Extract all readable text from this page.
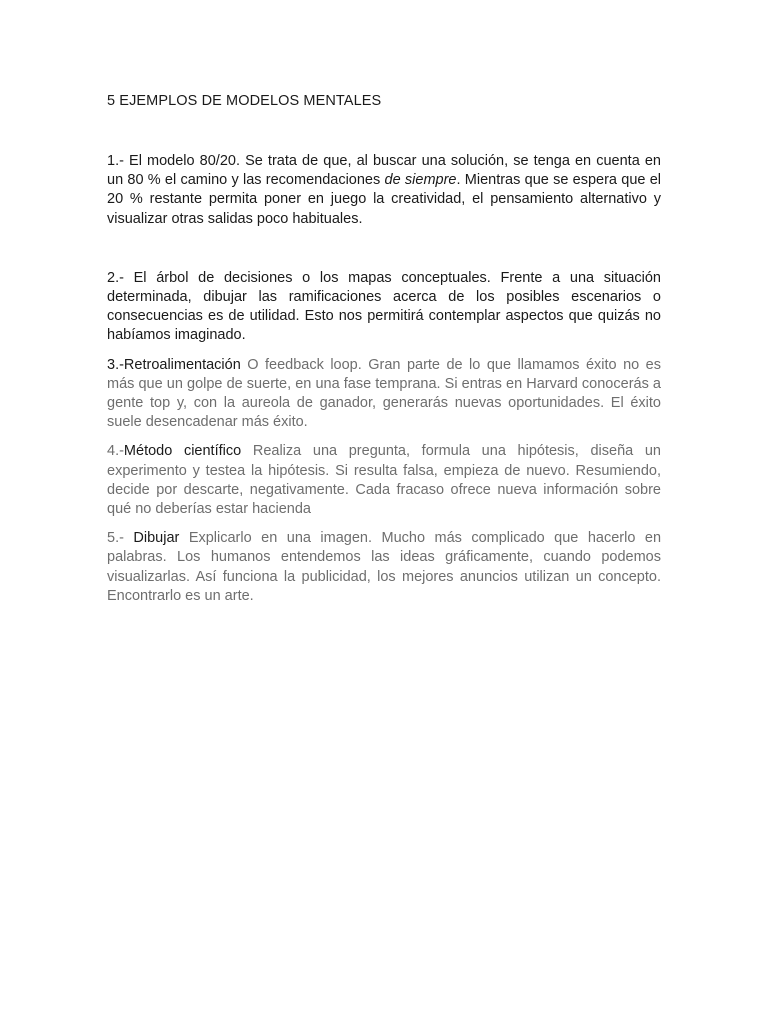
5 EJEMPLOS DE MODELOS MENTALES

1.- El modelo 80/20. Se trata de que, al buscar una solución, se tenga en cuenta en un 80 % el camino y las recomendaciones de siempre. Mientras que se espera que el 20 % restante permita poner en juego la creatividad, el pensamiento alternativo y visualizar otras salidas poco habituales.

2.- El árbol de decisiones o los mapas conceptuales. Frente a una situación determinada, dibujar las ramificaciones acerca de los posibles escenarios o consecuencias es de utilidad. Esto nos permitirá contemplar aspectos que quizás no habíamos imaginado.

3.-Retroalimentación O feedback loop. Gran parte de lo que llamamos éxito no es más que un golpe de suerte, en una fase temprana. Si entras en Harvard conocerás a gente top y, con la aureola de ganador, generarás nuevas oportunidades. El éxito suele desencadenar más éxito.

4.-Método científico Realiza una pregunta, formula una hipótesis, diseña un experimento y testea la hipótesis. Si resulta falsa, empieza de nuevo. Resumiendo, decide por descarte, negativamente. Cada fracaso ofrece nueva información sobre qué no deberías estar hacienda

5.- Dibujar Explicarlo en una imagen. Mucho más complicado que hacerlo en palabras. Los humanos entendemos las ideas gráficamente, cuando podemos visualizarlas. Así funciona la publicidad, los mejores anuncios utilizan un concepto. Encontrarlo es un arte.
